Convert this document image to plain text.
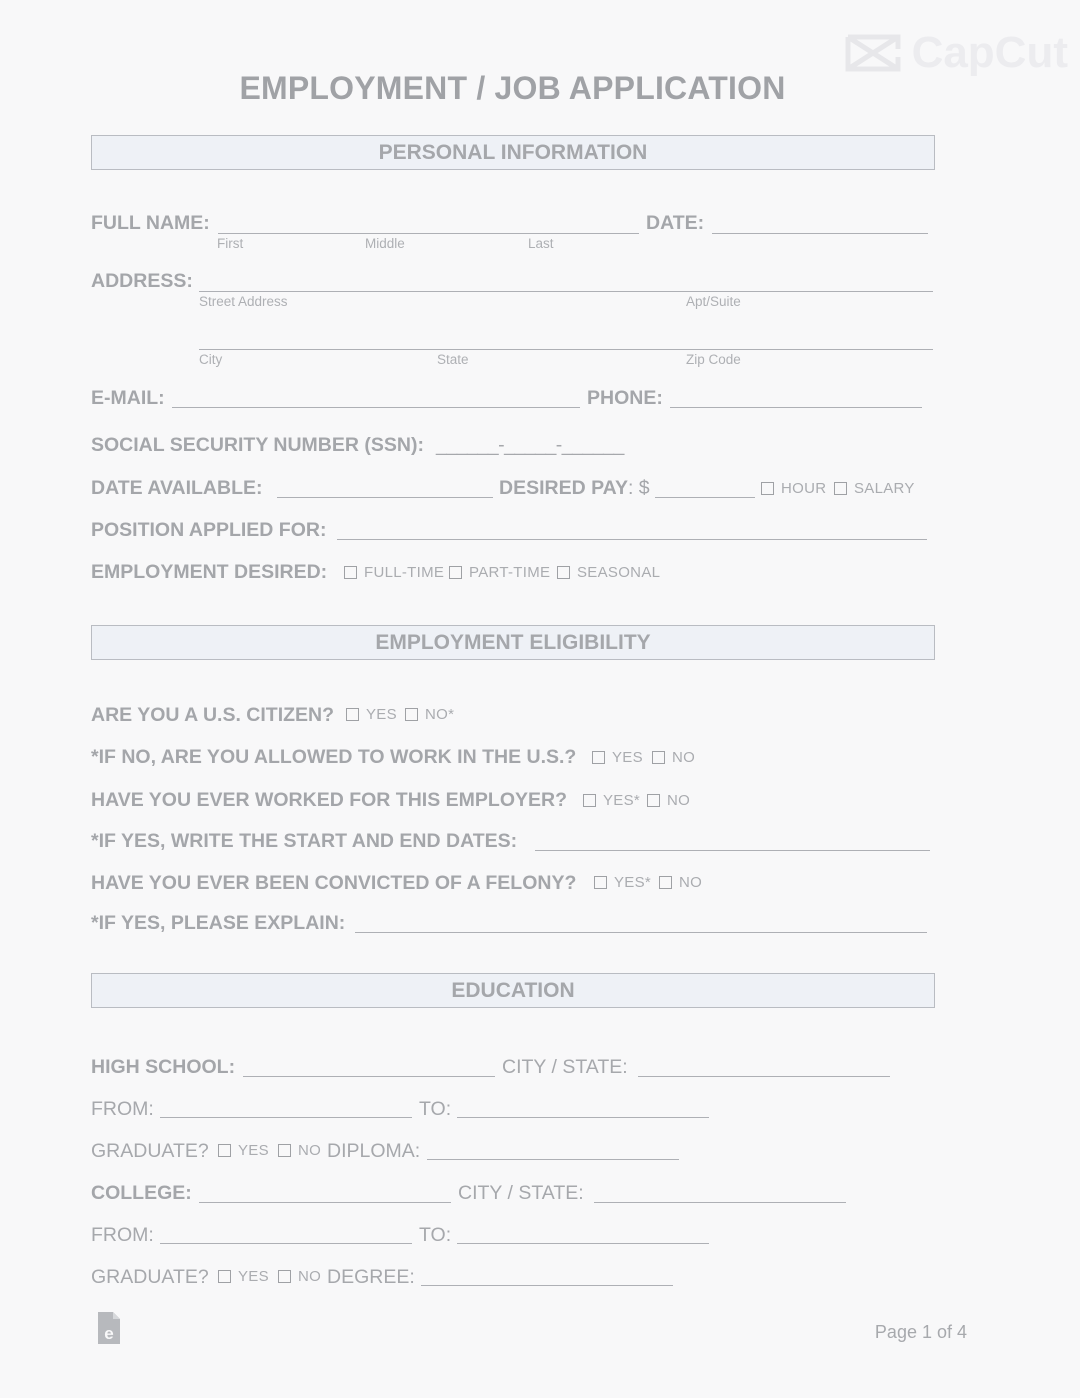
CapCut
EMPLOYMENT / JOB APPLICATION
PERSONAL INFORMATION
FULL NAME:
First	Middle	Last
DATE:
ADDRESS:
Street Address	Apt/Suite
City	State	Zip Code
E-MAIL:	PHONE:
SOCIAL SECURITY NUMBER (SSN): ______-_____-______
DATE AVAILABLE:	DESIRED PAY: $	HOUR SALARY
POSITION APPLIED FOR:
EMPLOYMENT DESIRED: FULL-TIME PART-TIME SEASONAL
EMPLOYMENT ELIGIBILITY
ARE YOU A U.S. CITIZEN? YES NO*
*IF NO, ARE YOU ALLOWED TO WORK IN THE U.S.? YES NO
HAVE YOU EVER WORKED FOR THIS EMPLOYER? YES* NO
*IF YES, WRITE THE START AND END DATES:
HAVE YOU EVER BEEN CONVICTED OF A FELONY?	YES* NO
*IF YES, PLEASE EXPLAIN:
EDUCATION
HIGH SCHOOL:	CITY / STATE:
FROM:	TO:
GRADUATE? YES NO DIPLOMA:
COLLEGE:	CITY / STATE:
FROM:	TO:
GRADUATE? YES NO DEGREE:
e	Page 1 of 4
